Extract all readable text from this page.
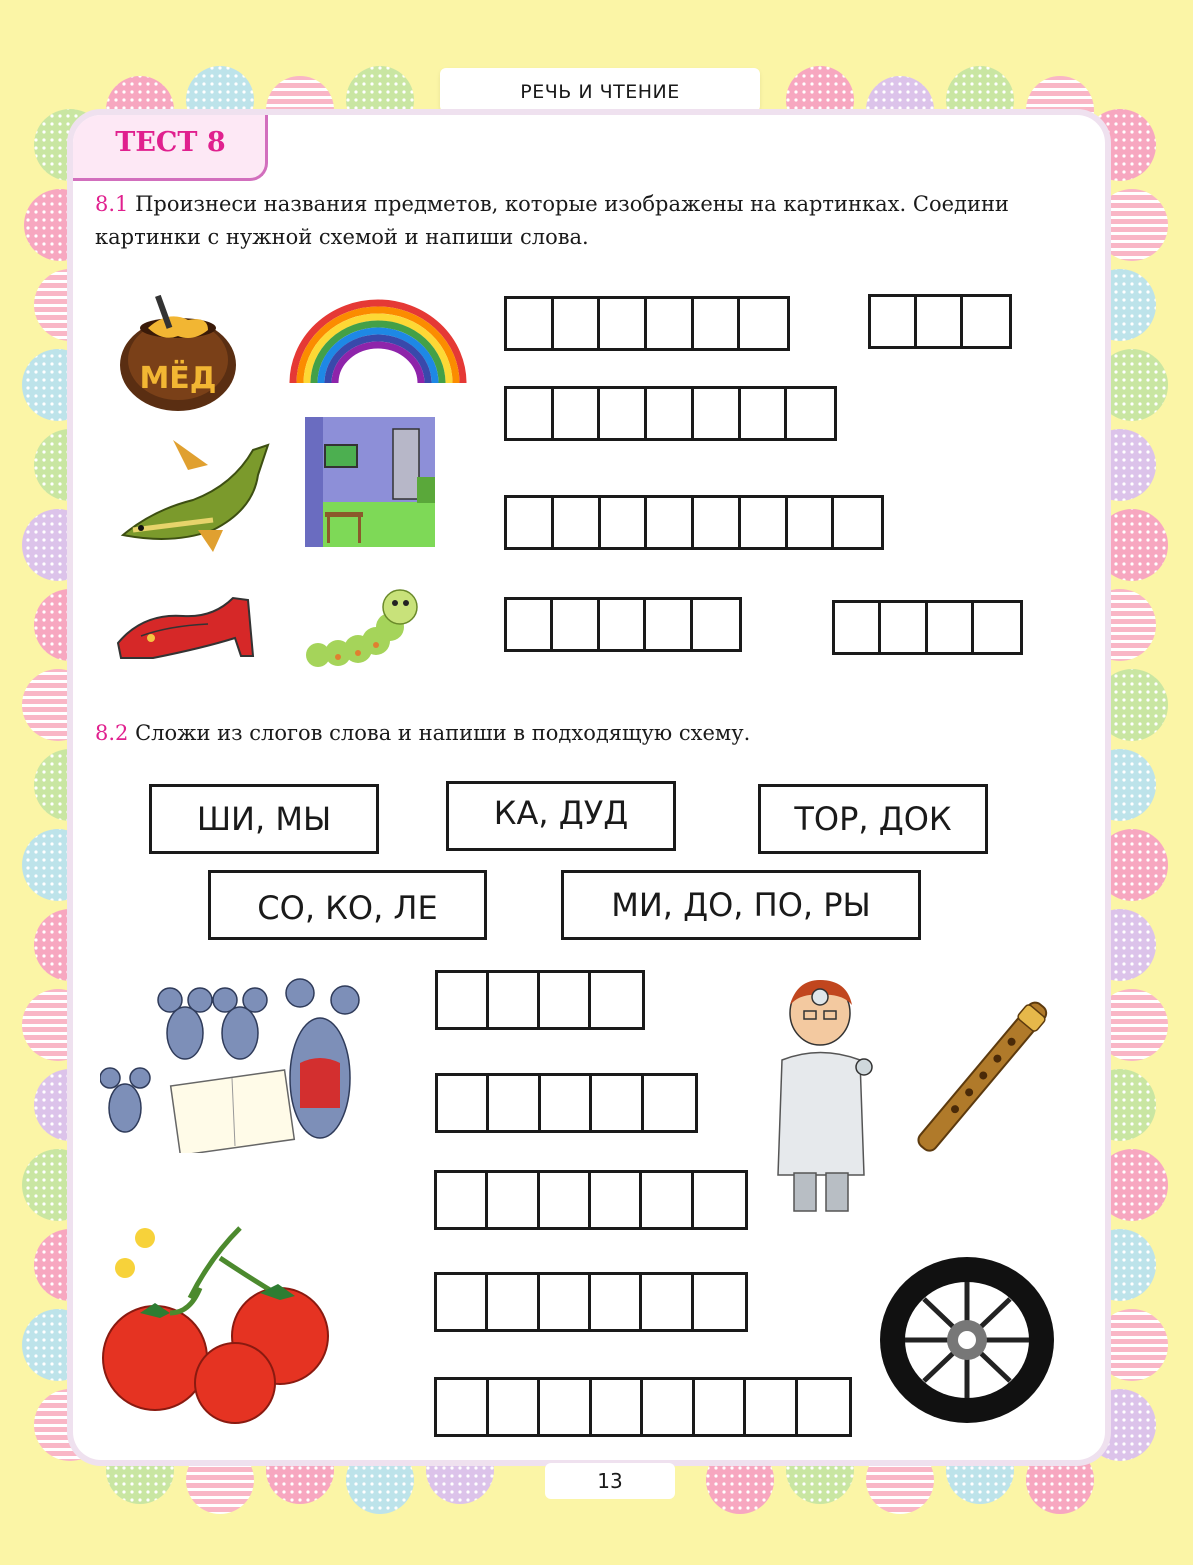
РЕЧЬ И ЧТЕНИЕ
ТЕСТ 8
8.1 Произнеси названия предметов, которые изображены на картинках. Соедини
картинки с нужной схемой и напиши слова.
МЁД
8.2 Сложи из слогов слова и напиши в подходящую схему.
ШИ, МЫ	КА, ДУД	ТОР, ДОК
СО, КО, ЛЕ	МИ, ДО, ПО, РЫ
13
